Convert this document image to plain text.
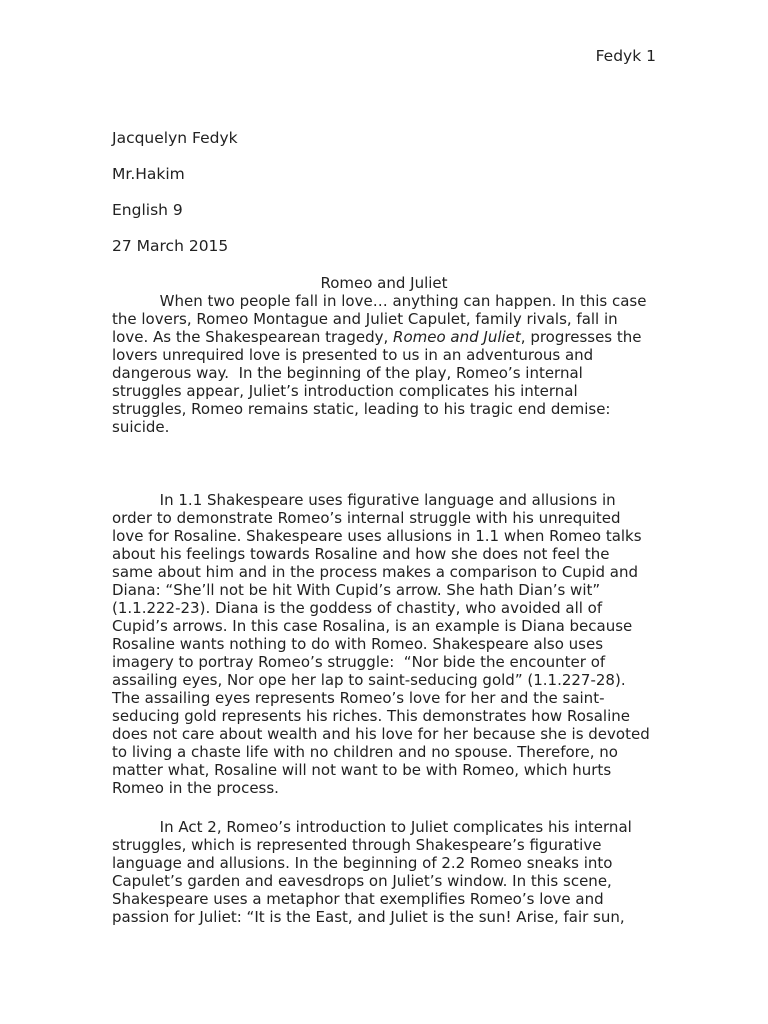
Fedyk 1
Jacquelyn Fedyk
Mr.Hakim
English 9
27 March 2015
Romeo and Juliet

When two people fall in love… anything can happen. In this case
the lovers, Romeo Montague and Juliet Capulet, family rivals, fall in
love. As the Shakespearean tragedy, Romeo and Juliet, progresses the
lovers unrequired love is presented to us in an adventurous and
dangerous way.  In the beginning of the play, Romeo’s internal
struggles appear, Juliet’s introduction complicates his internal
struggles, Romeo remains static, leading to his tragic end demise:
suicide.

In 1.1 Shakespeare uses figurative language and allusions in
order to demonstrate Romeo’s internal struggle with his unrequited
love for Rosaline. Shakespeare uses allusions in 1.1 when Romeo talks
about his feelings towards Rosaline and how she does not feel the
same about him and in the process makes a comparison to Cupid and
Diana: “She’ll not be hit With Cupid’s arrow. She hath Dian’s wit”
(1.1.222-23). Diana is the goddess of chastity, who avoided all of
Cupid’s arrows. In this case Rosalina, is an example is Diana because
Rosaline wants nothing to do with Romeo. Shakespeare also uses
imagery to portray Romeo’s struggle:  “Nor bide the encounter of
assailing eyes, Nor ope her lap to saint-seducing gold” (1.1.227-28).
The assailing eyes represents Romeo’s love for her and the saint-
seducing gold represents his riches. This demonstrates how Rosaline
does not care about wealth and his love for her because she is devoted
to living a chaste life with no children and no spouse. Therefore, no
matter what, Rosaline will not want to be with Romeo, which hurts
Romeo in the process.

In Act 2, Romeo’s introduction to Juliet complicates his internal
struggles, which is represented through Shakespeare’s figurative
language and allusions. In the beginning of 2.2 Romeo sneaks into
Capulet’s garden and eavesdrops on Juliet’s window. In this scene,
Shakespeare uses a metaphor that exemplifies Romeo’s love and
passion for Juliet: “It is the East, and Juliet is the sun! Arise, fair sun,
